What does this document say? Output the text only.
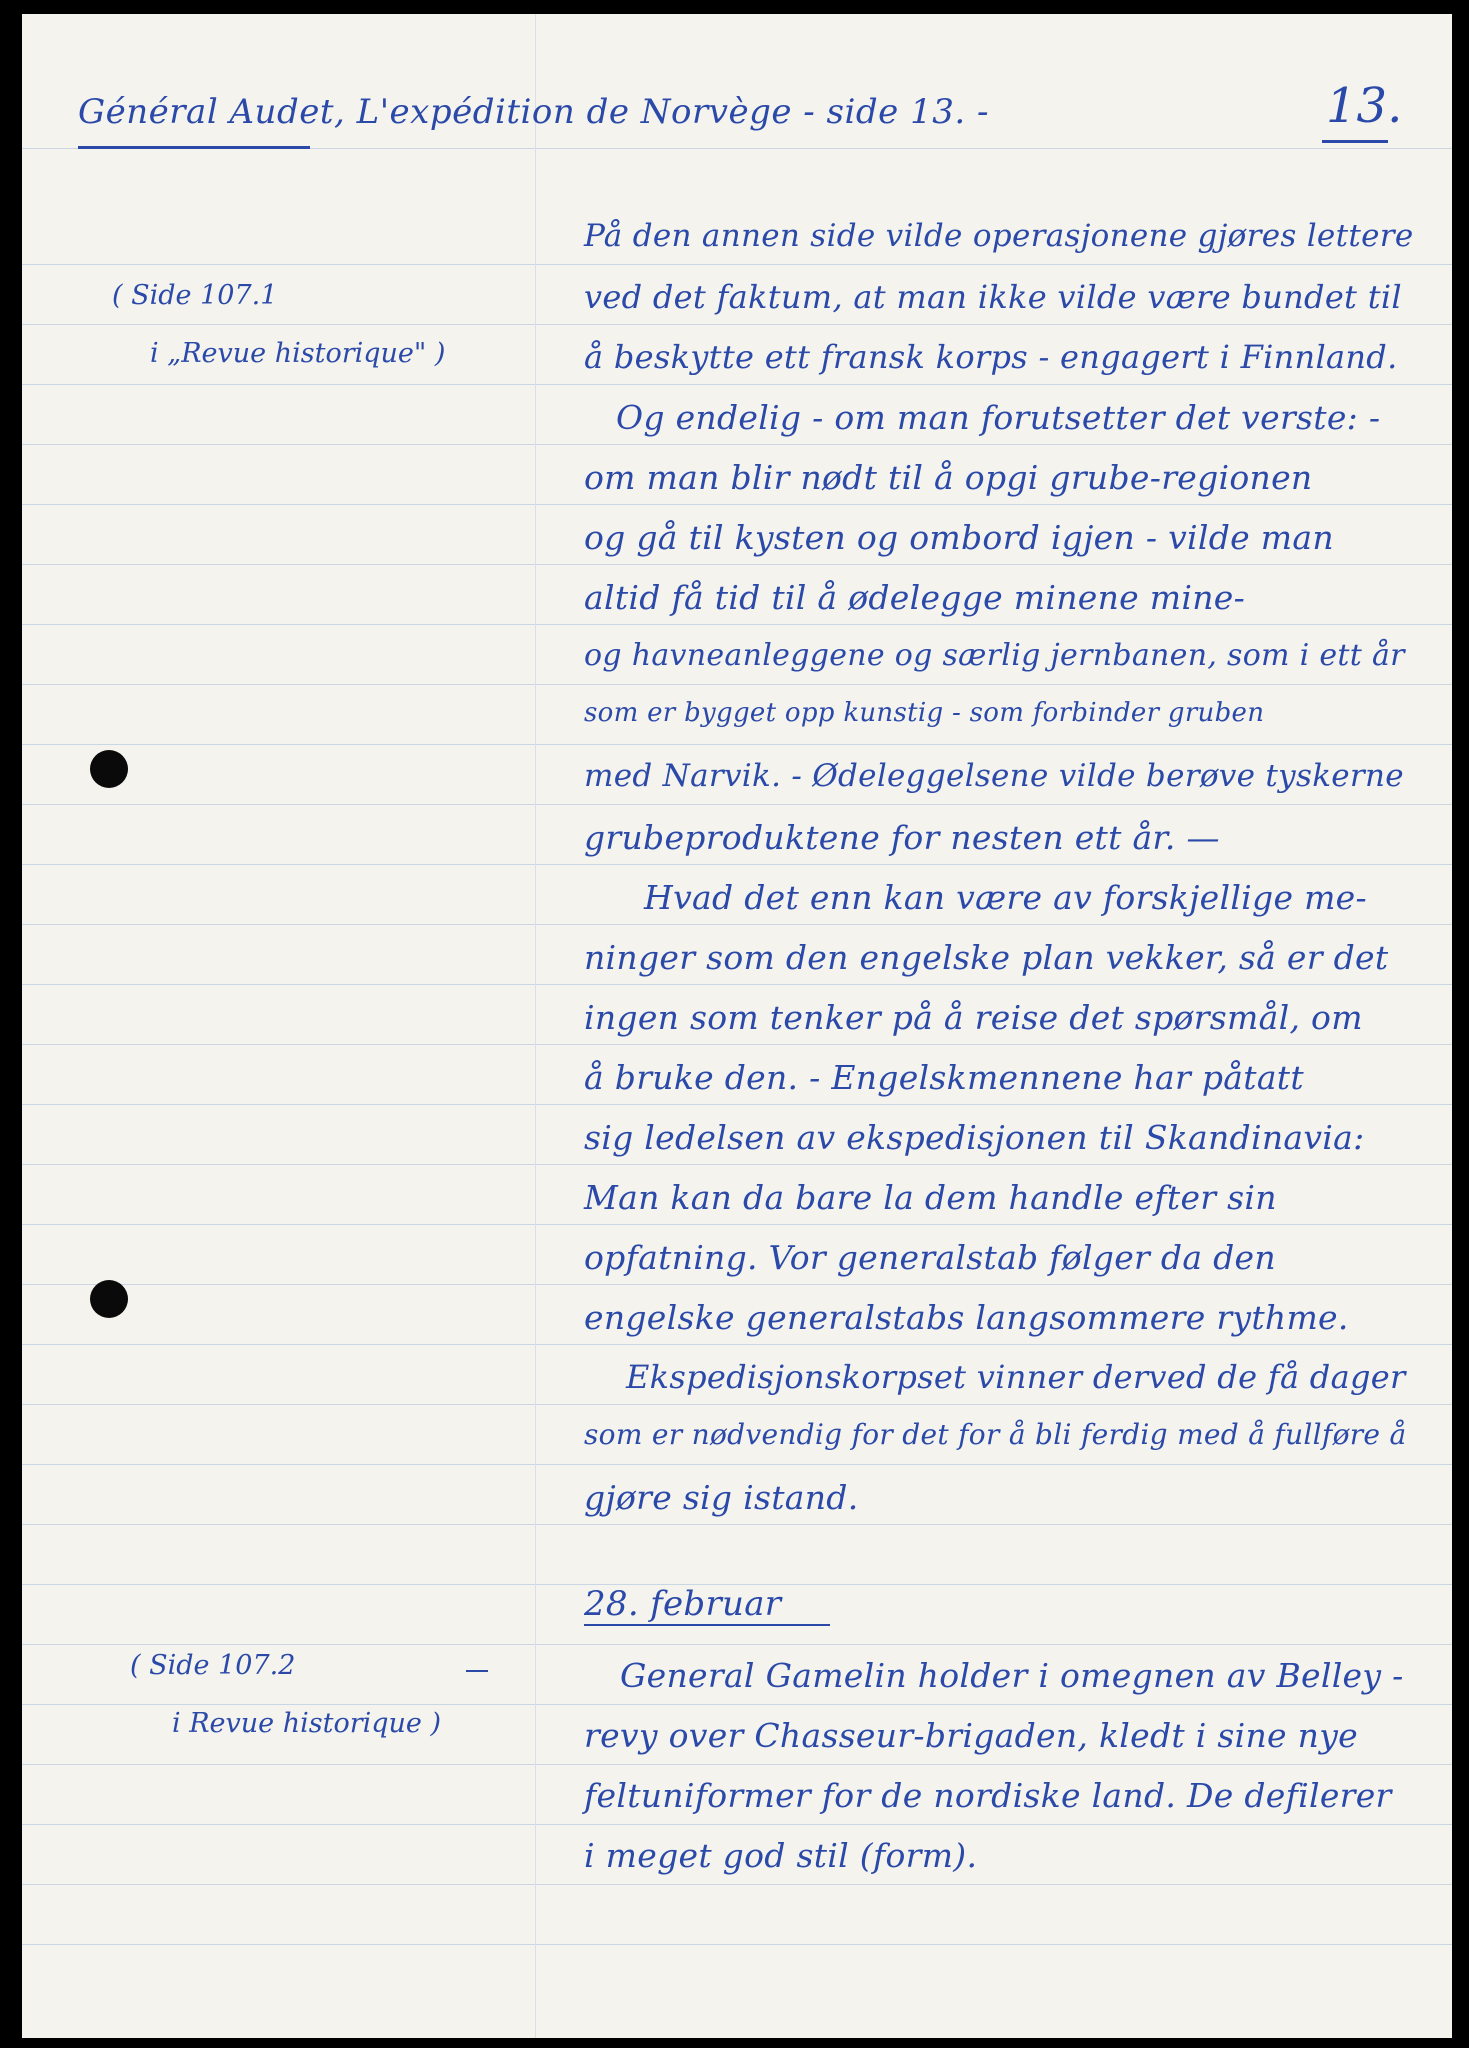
Général Audet, L'expédition de Norvège - side 13. -	13.
( Side 107.1
i „Revue historique" )
( Side 107.2
i Revue historique )
På den annen side vilde operasjonene gjøres lettere
ved det faktum, at man ikke vilde være bundet til
å beskytte ett fransk korps - engagert i Finnland.
Og endelig - om man forutsetter det verste: -
om man blir nødt til å opgi grube-regionen
og gå til kysten og ombord igjen - vilde man
altid få tid til å ødelegge minene mine-
og havneanleggene og særlig jernbanen, som i ett år
som er bygget opp kunstig - som forbinder gruben
med Narvik. - Ødeleggelsene vilde berøve tyskerne
grubeproduktene for nesten ett år. —
Hvad det enn kan være av forskjellige me-
ninger som den engelske plan vekker, så er det
ingen som tenker på å reise det spørsmål, om
å bruke den. - Engelskmennene har påtatt
sig ledelsen av ekspedisjonen til Skandinavia:
Man kan da bare la dem handle efter sin
opfatning. Vor generalstab følger da den
engelske generalstabs langsommere rythme.
Ekspedisjonskorpset vinner derved de få dager
som er nødvendig for det for å bli ferdig med å fullføre å
gjøre sig istand.
28. februar
General Gamelin holder i omegnen av Belley -
revy over Chasseur-brigaden, kledt i sine nye
feltuniformer for de nordiske land. De defilerer
i meget god stil (form).
